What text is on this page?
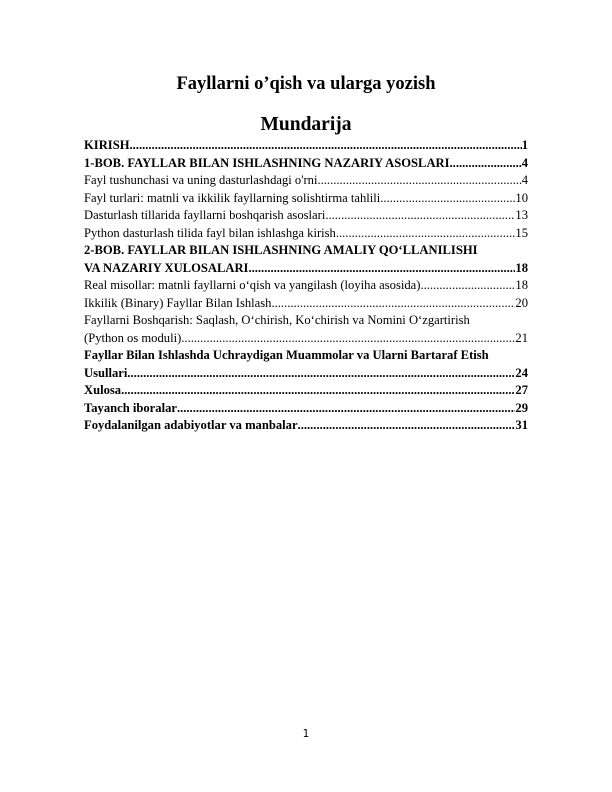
Fayllarni o’qish va ularga yozish
Mundarija
KIRISH .....	1
1-BOB. FAYLLAR BILAN ISHLASHNING NAZARIY ASOSLARI .....	4
Fayl tushunchasi va uning dasturlashdagi o'rni .....	4
Fayl turlari: matnli va ikkilik fayllarning solishtirma tahlili .....	10
Dasturlash tillarida fayllarni boshqarish asoslari .....	13
Python dasturlash tilida fayl bilan ishlashga kirish .....	15
2-BOB. FAYLLAR BILAN ISHLASHNING AMALIY QO‘LLANILISHI
VA NAZARIY XULOSALARI .....	18
Real misollar: matnli fayllarni o‘qish va yangilash (loyiha asosida) .....	18
Ikkilik (Binary) Fayllar Bilan Ishlash .....	20
Fayllarni Boshqarish: Saqlash, O‘chirish, Ko‘chirish va Nomini O‘zgartirish
(Python os moduli) .....	21
Fayllar Bilan Ishlashda Uchraydigan Muammolar va Ularni Bartaraf Etish
Usullari .....	24
Xulosa .....	27
Tayanch iboralar .....	29
Foydalanilgan adabiyotlar va manbalar .....	31
1
